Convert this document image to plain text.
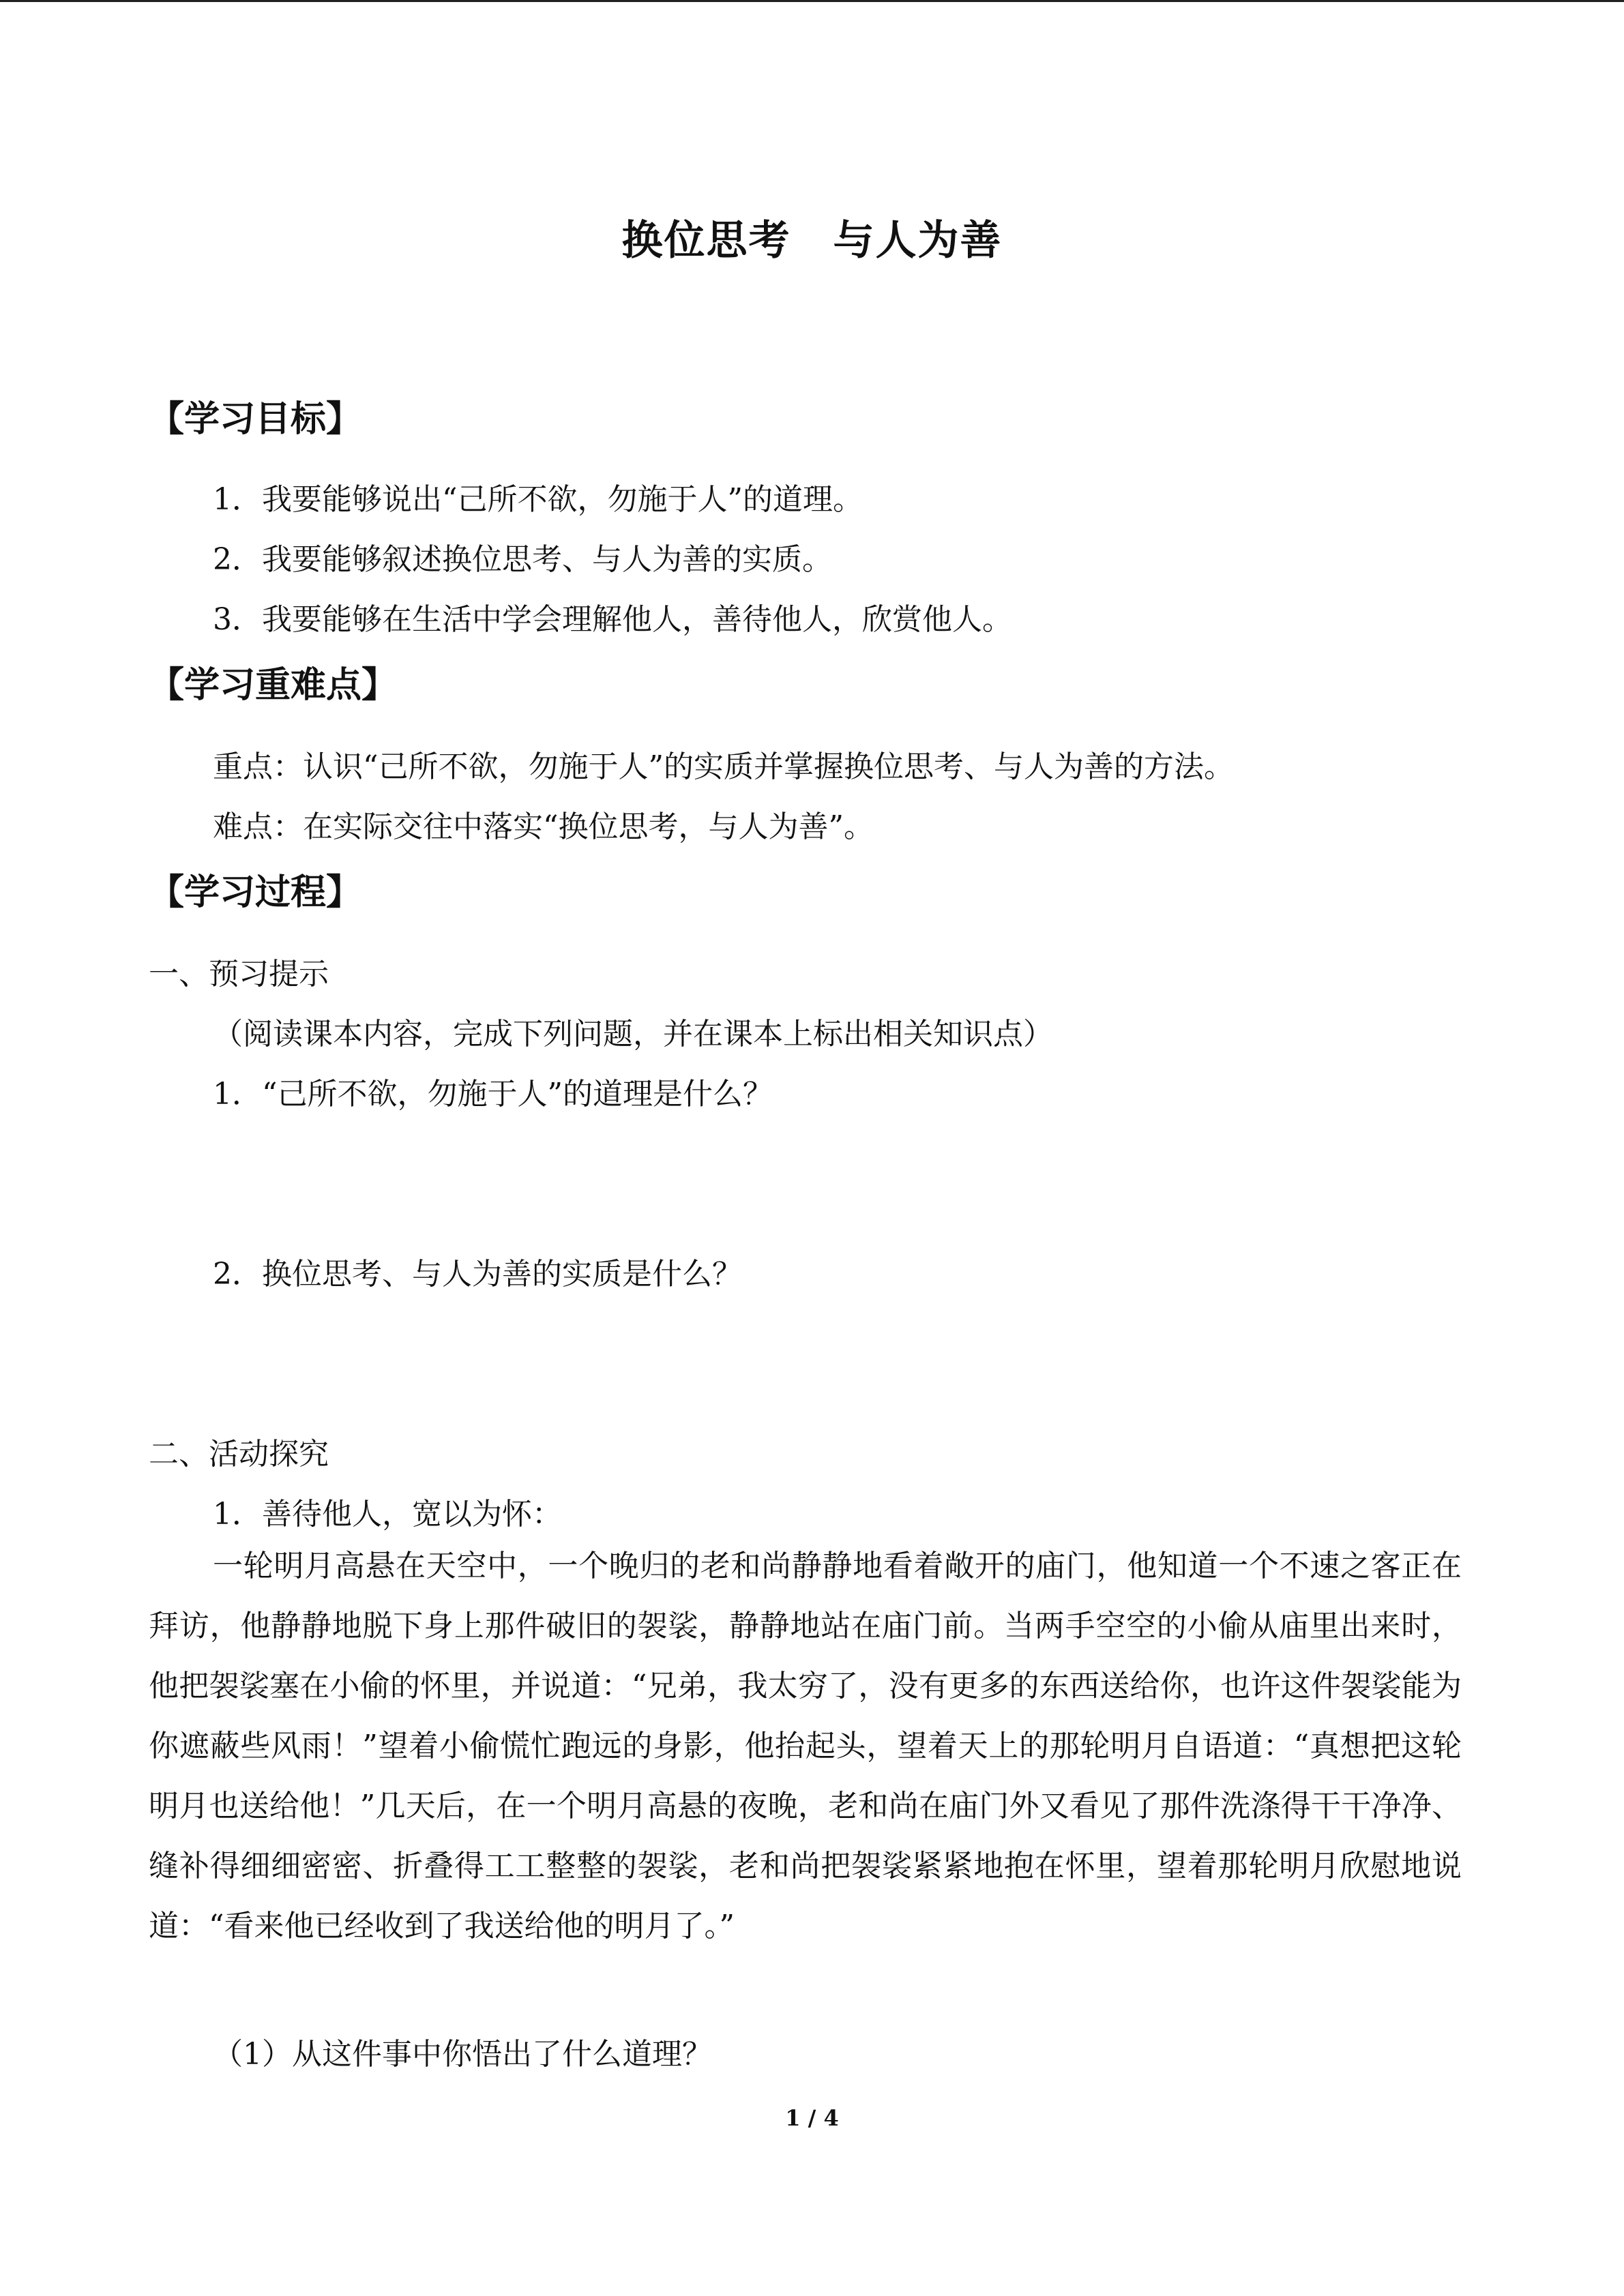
换位思考　与人为善
【学习目标】
1．我要能够说出“己所不欲，勿施于人”的道理。
2．我要能够叙述换位思考、与人为善的实质。
3．我要能够在生活中学会理解他人，善待他人，欣赏他人。
【学习重难点】
重点：认识“己所不欲，勿施于人”的实质并掌握换位思考、与人为善的方法。
难点：在实际交往中落实“换位思考，与人为善”。
【学习过程】
一、预习提示
（阅读课本内容，完成下列问题，并在课本上标出相关知识点）
1．“己所不欲，勿施于人”的道理是什么？
2．换位思考、与人为善的实质是什么？
二、活动探究
1．善待他人，宽以为怀：
一轮明月高悬在天空中，一个晚归的老和尚静静地看着敞开的庙门，他知道一个不速之客正在拜访，他静静地脱下身上那件破旧的袈裟，静静地站在庙门前。当两手空空的小偷从庙里出来时，他把袈裟塞在小偷的怀里，并说道：“兄弟，我太穷了，没有更多的东西送给你，也许这件袈裟能为你遮蔽些风雨！”望着小偷慌忙跑远的身影，他抬起头，望着天上的那轮明月自语道：“真想把这轮明月也送给他！”几天后，在一个明月高悬的夜晚，老和尚在庙门外又看见了那件洗涤得干干净净、缝补得细细密密、折叠得工工整整的袈裟，老和尚把袈裟紧紧地抱在怀里，望着那轮明月欣慰地说道：“看来他已经收到了我送给他的明月了。”
（1）从这件事中你悟出了什么道理？
1 / 4
